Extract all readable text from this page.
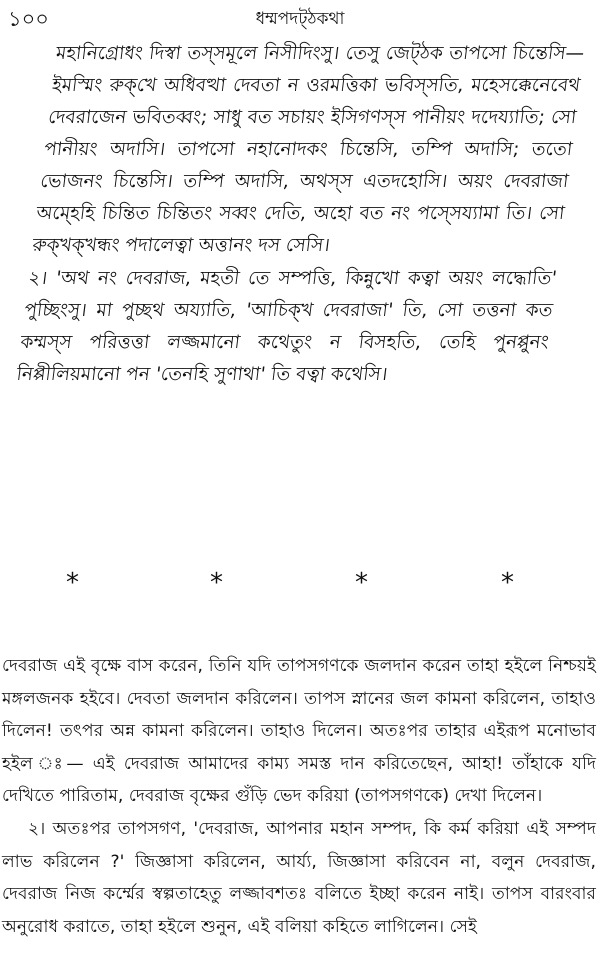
১০০	ধম্মপদট্‌ঠকথা

মহানিগ্রোধং দিস্বা তস্সমূলে নিসীদিংসু। তেসু জেট্‌ঠক তাপসো চিন্তেসি—ইমস্মিং রুক্‌খে অধিবত্থা দেবতা ন ওরমত্তিকা ভবিস্সতি, মহেসক্কেনেবেথ দেবরাজেন ভবিতব্বং; সাধু বত সচায়ং ইসিগণস্স পানীয়ং দদেয্যাতি; সো পানীয়ং অদাসি। তাপসো নহানোদকং চিন্তেসি, তম্পি অদাসি; ততো ভোজনং চিন্তেসি। তম্পি অদাসি, অথস্স এতদহোসি। অয়ং দেবরাজা অম্হেহি চিন্তিত চিন্তিতং সব্বং দেতি, অহো বত নং পস্সেয্যামা তি। সো রুক্‌খক্‌খন্ধং পদালেত্বা অত্তানং দস সেসি।

২। 'অথ নং দেবরাজ, মহতী তে সম্পত্তি, কিন্নুখো কত্বা অয়ং লদ্ধোতি' পুচ্ছিংসু। মা পুচ্ছথ অয্যাতি, 'আচিক্‌খ দেবরাজা' তি, সো তত্তনা কত কম্মস্স পরিত্তত্তা লজ্জমানো কথেতুং ন বিসহতি, তেহি পুনপ্পুনং নিপ্পীলিয়মানো পন 'তেনহি সুণাথা' তি বত্বা কথেসি।

*	*	*	*

দেবরাজ এই বৃক্ষে বাস করেন, তিনি যদি তাপসগণকে জলদান করেন তাহা হইলে নিশ্চয়ই মঙ্গলজনক হইবে। দেবতা জলদান করিলেন। তাপস স্নানের জল কামনা করিলেন, তাহাও দিলেন! তৎপর অন্ন কামনা করিলেন। তাহাও দিলেন। অতঃপর তাহার এইরূপ মনোভাব হইল ঃ— এই দেবরাজ আমাদের কাম্য সমস্ত দান করিতেছেন, আহা! তাঁহাকে যদি দেখিতে পারিতাম, দেবরাজ বৃক্ষের গুঁড়ি ভেদ করিয়া (তাপসগণকে) দেখা দিলেন।

২। অতঃপর তাপসগণ, 'দেবরাজ, আপনার মহান সম্পদ, কি কর্ম করিয়া এই সম্পদ লাভ করিলেন ?' জিজ্ঞাসা করিলেন, আর্য্য, জিজ্ঞাসা করিবেন না, বলুন দেবরাজ, দেবরাজ নিজ কর্ম্মের স্বল্পতাহেতু লজ্জাবশতঃ বলিতে ইচ্ছা করেন নাই। তাপস বারংবার অনুরোধ করাতে, তাহা হইলে শুনুন, এই বলিয়া কহিতে লাগিলেন। সেই
